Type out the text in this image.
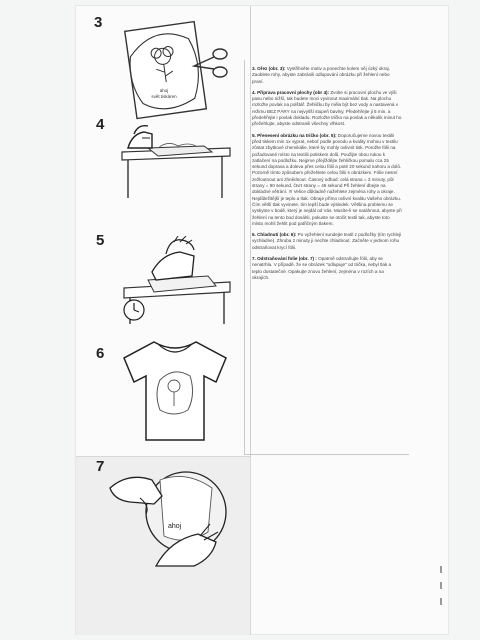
3
4
5
6
7
ahoj
svět tiskáren
ahoj

3. Ořez (obr. 3): Vystřihněte motiv a ponechte kolem něj úzký okraj. Zaoblete rohy, abyste zabránili odlupování obrázku při žehlení nebo praní.

4. Příprava pracovní plochy (obr 4): Zvolte si pracovní plochu ve výši pasu nebo nižší, tak budete moci vyvinout maximální tlak. Na plochu rozložte povlak na polštář. Žehličku by měla být bez vody a nastavená v režimu BEZ PÁRY na nejvyšší stupeň bavlny. Předehřejte ji 5 min. a předehřejte i povlak dokladu. Rozložte tričko na povlak a několik minut ho přežehlujte, abyste odstranili všechny vlhkost.

5. Přenesení obrázku na tričko (obr. 5): Doporučujeme novou textilii před tiskem min 1x vyprat, neboť podle povodu a kvality mohou v textilu zůstat zbytkové chemikálie, které by mohly ovlivnit tisk. Porožte fólii na požadované místo na textilii potiskem dolů. Použijte obou rukou k zatlačení na podložku. Nejprve přejíždějte žehličkou pomalu cca 25 sekund doprava a doleva přes celou fólii a poté 20 sekund nahoru a dolů. Pozorně tímto způsobem přežehlete celou fólii s obrázkem. Fólie nesmí zežloutnout ani zhnědnout. Časový odhad: celá strana = 3 minuty, půl strany = 90 sekund, čtvrt strany = 45 sekund Při žehlení dbejte na dokladné větrání. !!! Velice důkladně nažehlete zejména rohy a okraje. Nejdůležitější je teplo a tlak. Obraje přímo ovlivní kvalitu Vašeho obrázku. Čím větší tlak vyvinete, tím lepší bude výsledek. Většina problemu se vyskytne v bodě, který je nejdál od Vás. Musíte-li se natáhnout, abyste při žehlení na tento bod dosáhli, pokuste se otočit textil tak, abyste toto místo mohli žehlit pod patřičným tlakem.

6. Chladnutí (obr. 6): Po vyžehlení sundejte textil z podložky (tím rychleji vychladne). Zhruba 2 minuty ji nechte chladnout. Začněte v jednom rohu odstraňovat krycí fólii.

7. Odstraňování folie (obr. 7) : Opatrně odstraňujte fólii, aby se nenatrhla. V případě, že se obrázek "odlupuje" od trička, nebyl tlak a teplo dostatečné. Opakujte znovu žehlení, zejména v rozích a na okrajích.
